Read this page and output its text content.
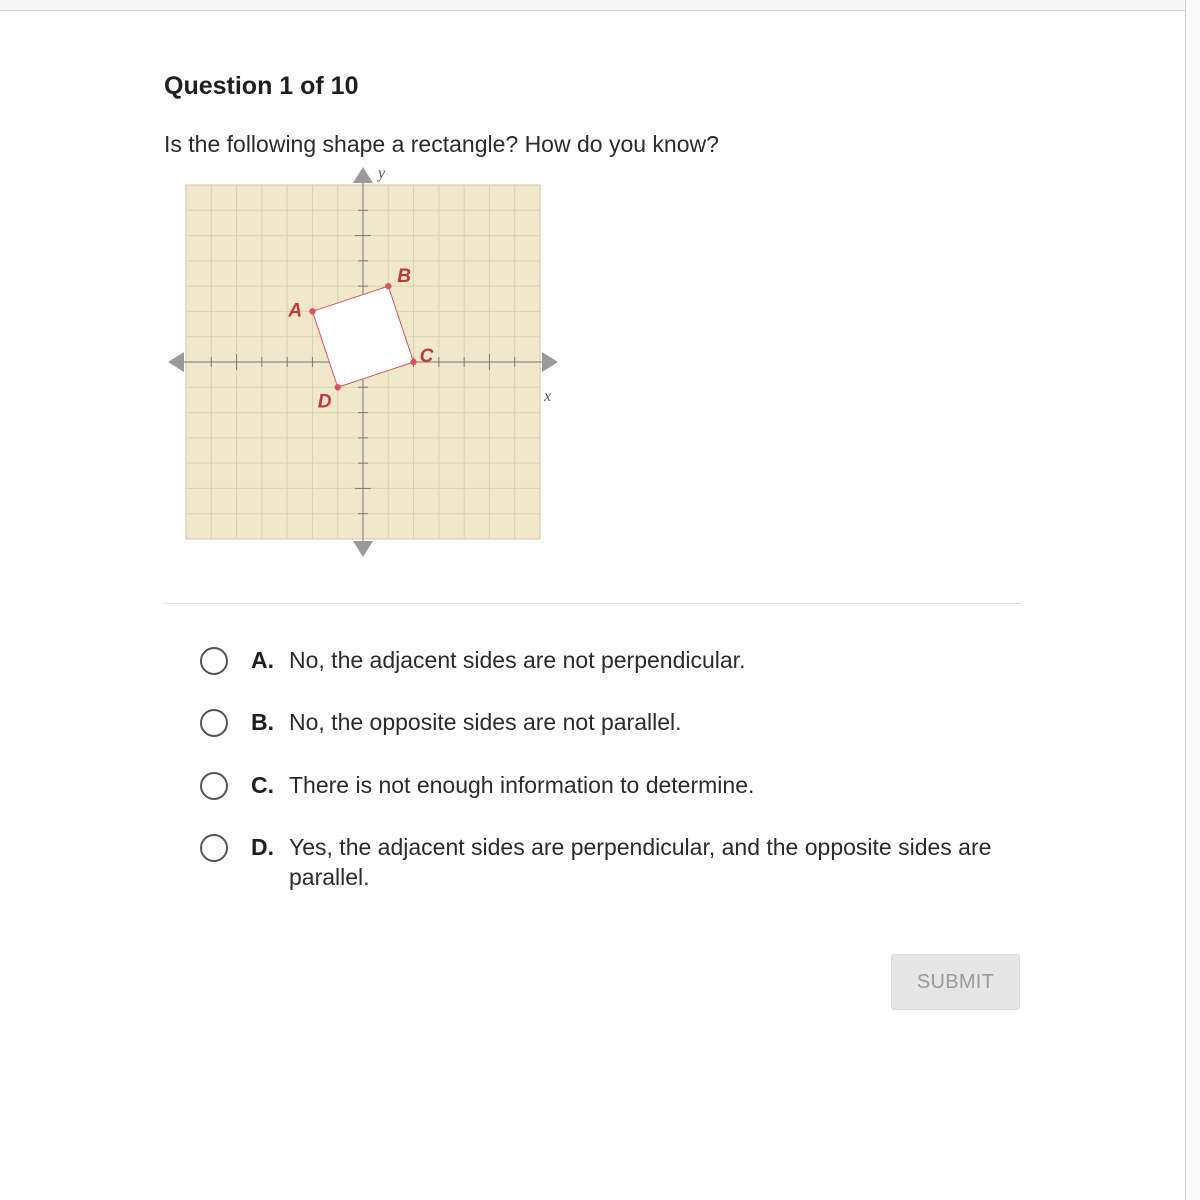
Question 1 of 10
Is the following shape a rectangle? How do you know?
A
B
C
D	x
y
A. No, the adjacent sides are not perpendicular.
B. No, the opposite sides are not parallel.
C. There is not enough information to determine.
D. Yes, the adjacent sides are perpendicular, and the opposite sides are parallel.
SUBMIT
